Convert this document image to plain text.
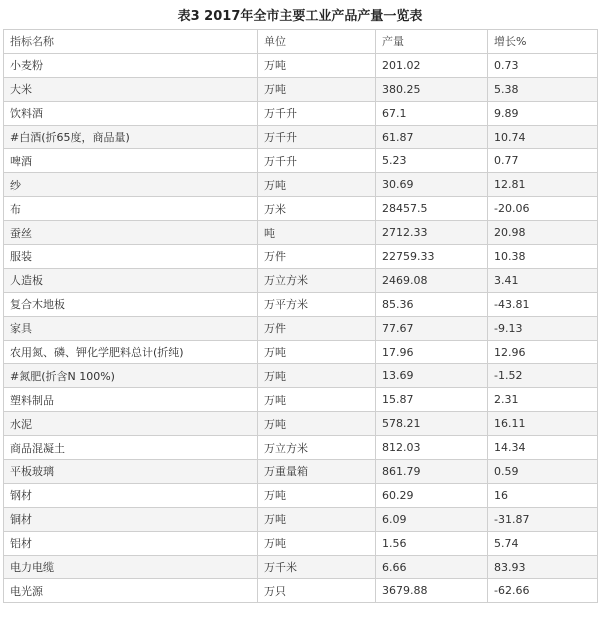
表3 2017年全市主要工业产品产量一览表
指标名称	单位	产量	增长%
小麦粉	万吨	201.02	0.73
大米	万吨	380.25	5.38
饮料酒	万千升	67.1	9.89
#白酒(折65度，商品量)	万千升	61.87	10.74
啤酒	万千升	5.23	0.77
纱	万吨	30.69	12.81
布	万米	28457.5	-20.06
蚕丝	吨	2712.33	20.98
服装	万件	22759.33	10.38
人造板	万立方米	2469.08	3.41
复合木地板	万平方米	85.36	-43.81
家具	万件	77.67	-9.13
农用氮、磷、钾化学肥料总计(折纯)	万吨	17.96	12.96
#氮肥(折含N 100%)	万吨	13.69	-1.52
塑料制品	万吨	15.87	2.31
水泥	万吨	578.21	16.11
商品混凝土	万立方米	812.03	14.34
平板玻璃	万重量箱	861.79	0.59
钢材	万吨	60.29	16
铜材	万吨	6.09	-31.87
铝材	万吨	1.56	5.74
电力电缆	万千米	6.66	83.93
电光源	万只	3679.88	-62.66
